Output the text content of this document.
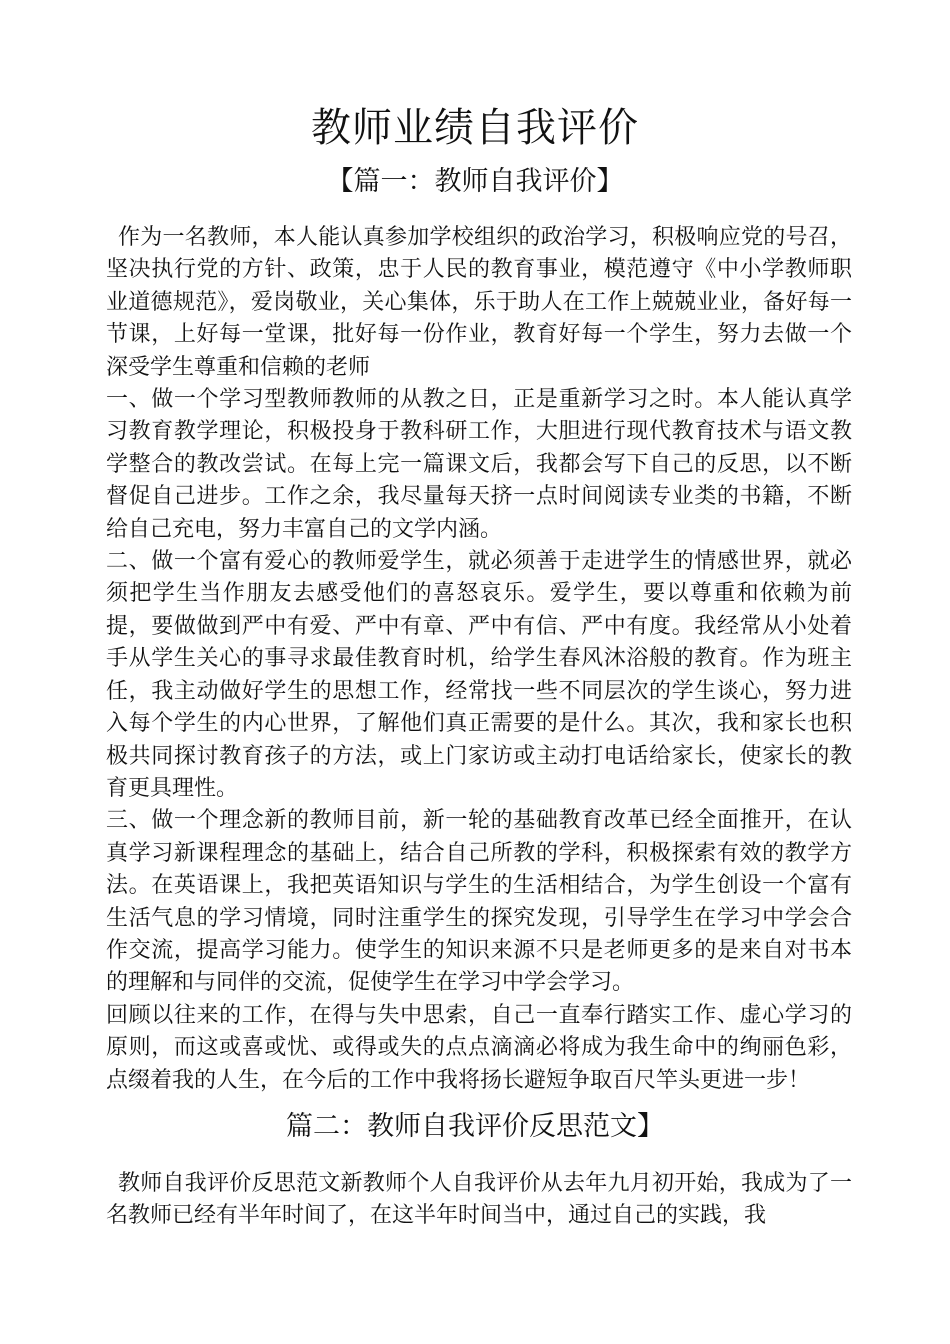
教师业绩自我评价
【篇一：教师自我评价】

作为一名教师，本人能认真参加学校组织的政治学习，积极响应党的号召，坚决执行党的方针、政策，忠于人民的教育事业，模范遵守《中小学教师职业道德规范》，爱岗敬业，关心集体，乐于助人在工作上兢兢业业，备好每一节课，上好每一堂课，批好每一份作业，教育好每一个学生，努力去做一个深受学生尊重和信赖的老师

一、做一个学习型教师教师的从教之日，正是重新学习之时。本人能认真学习教育教学理论，积极投身于教科研工作，大胆进行现代教育技术与语文教学整合的教改尝试。在每上完一篇课文后，我都会写下自己的反思，以不断督促自己进步。工作之余，我尽量每天挤一点时间阅读专业类的书籍，不断给自己充电，努力丰富自己的文学内涵。

二、做一个富有爱心的教师爱学生，就必须善于走进学生的情感世界，就必须把学生当作朋友去感受他们的喜怒哀乐。爱学生，要以尊重和依赖为前提，要做做到严中有爱、严中有章、严中有信、严中有度。我经常从小处着手从学生关心的事寻求最佳教育时机，给学生春风沐浴般的教育。作为班主任，我主动做好学生的思想工作，经常找一些不同层次的学生谈心，努力进入每个学生的内心世界，了解他们真正需要的是什么。其次，我和家长也积极共同探讨教育孩子的方法，或上门家访或主动打电话给家长，使家长的教育更具理性。

三、做一个理念新的教师目前，新一轮的基础教育改革已经全面推开，在认真学习新课程理念的基础上，结合自己所教的学科，积极探索有效的教学方法。在英语课上，我把英语知识与学生的生活相结合，为学生创设一个富有生活气息的学习情境，同时注重学生的探究发现，引导学生在学习中学会合作交流，提高学习能力。使学生的知识来源不只是老师更多的是来自对书本的理解和与同伴的交流，促使学生在学习中学会学习。

回顾以往来的工作，在得与失中思索，自己一直奉行踏实工作、虚心学习的原则，而这或喜或忧、或得或失的点点滴滴必将成为我生命中的绚丽色彩，点缀着我的人生，在今后的工作中我将扬长避短争取百尺竿头更进一步！

篇二：教师自我评价反思范文】

教师自我评价反思范文新教师个人自我评价从去年九月初开始，我成为了一名教师已经有半年时间了，在这半年时间当中，通过自己的实践，我
